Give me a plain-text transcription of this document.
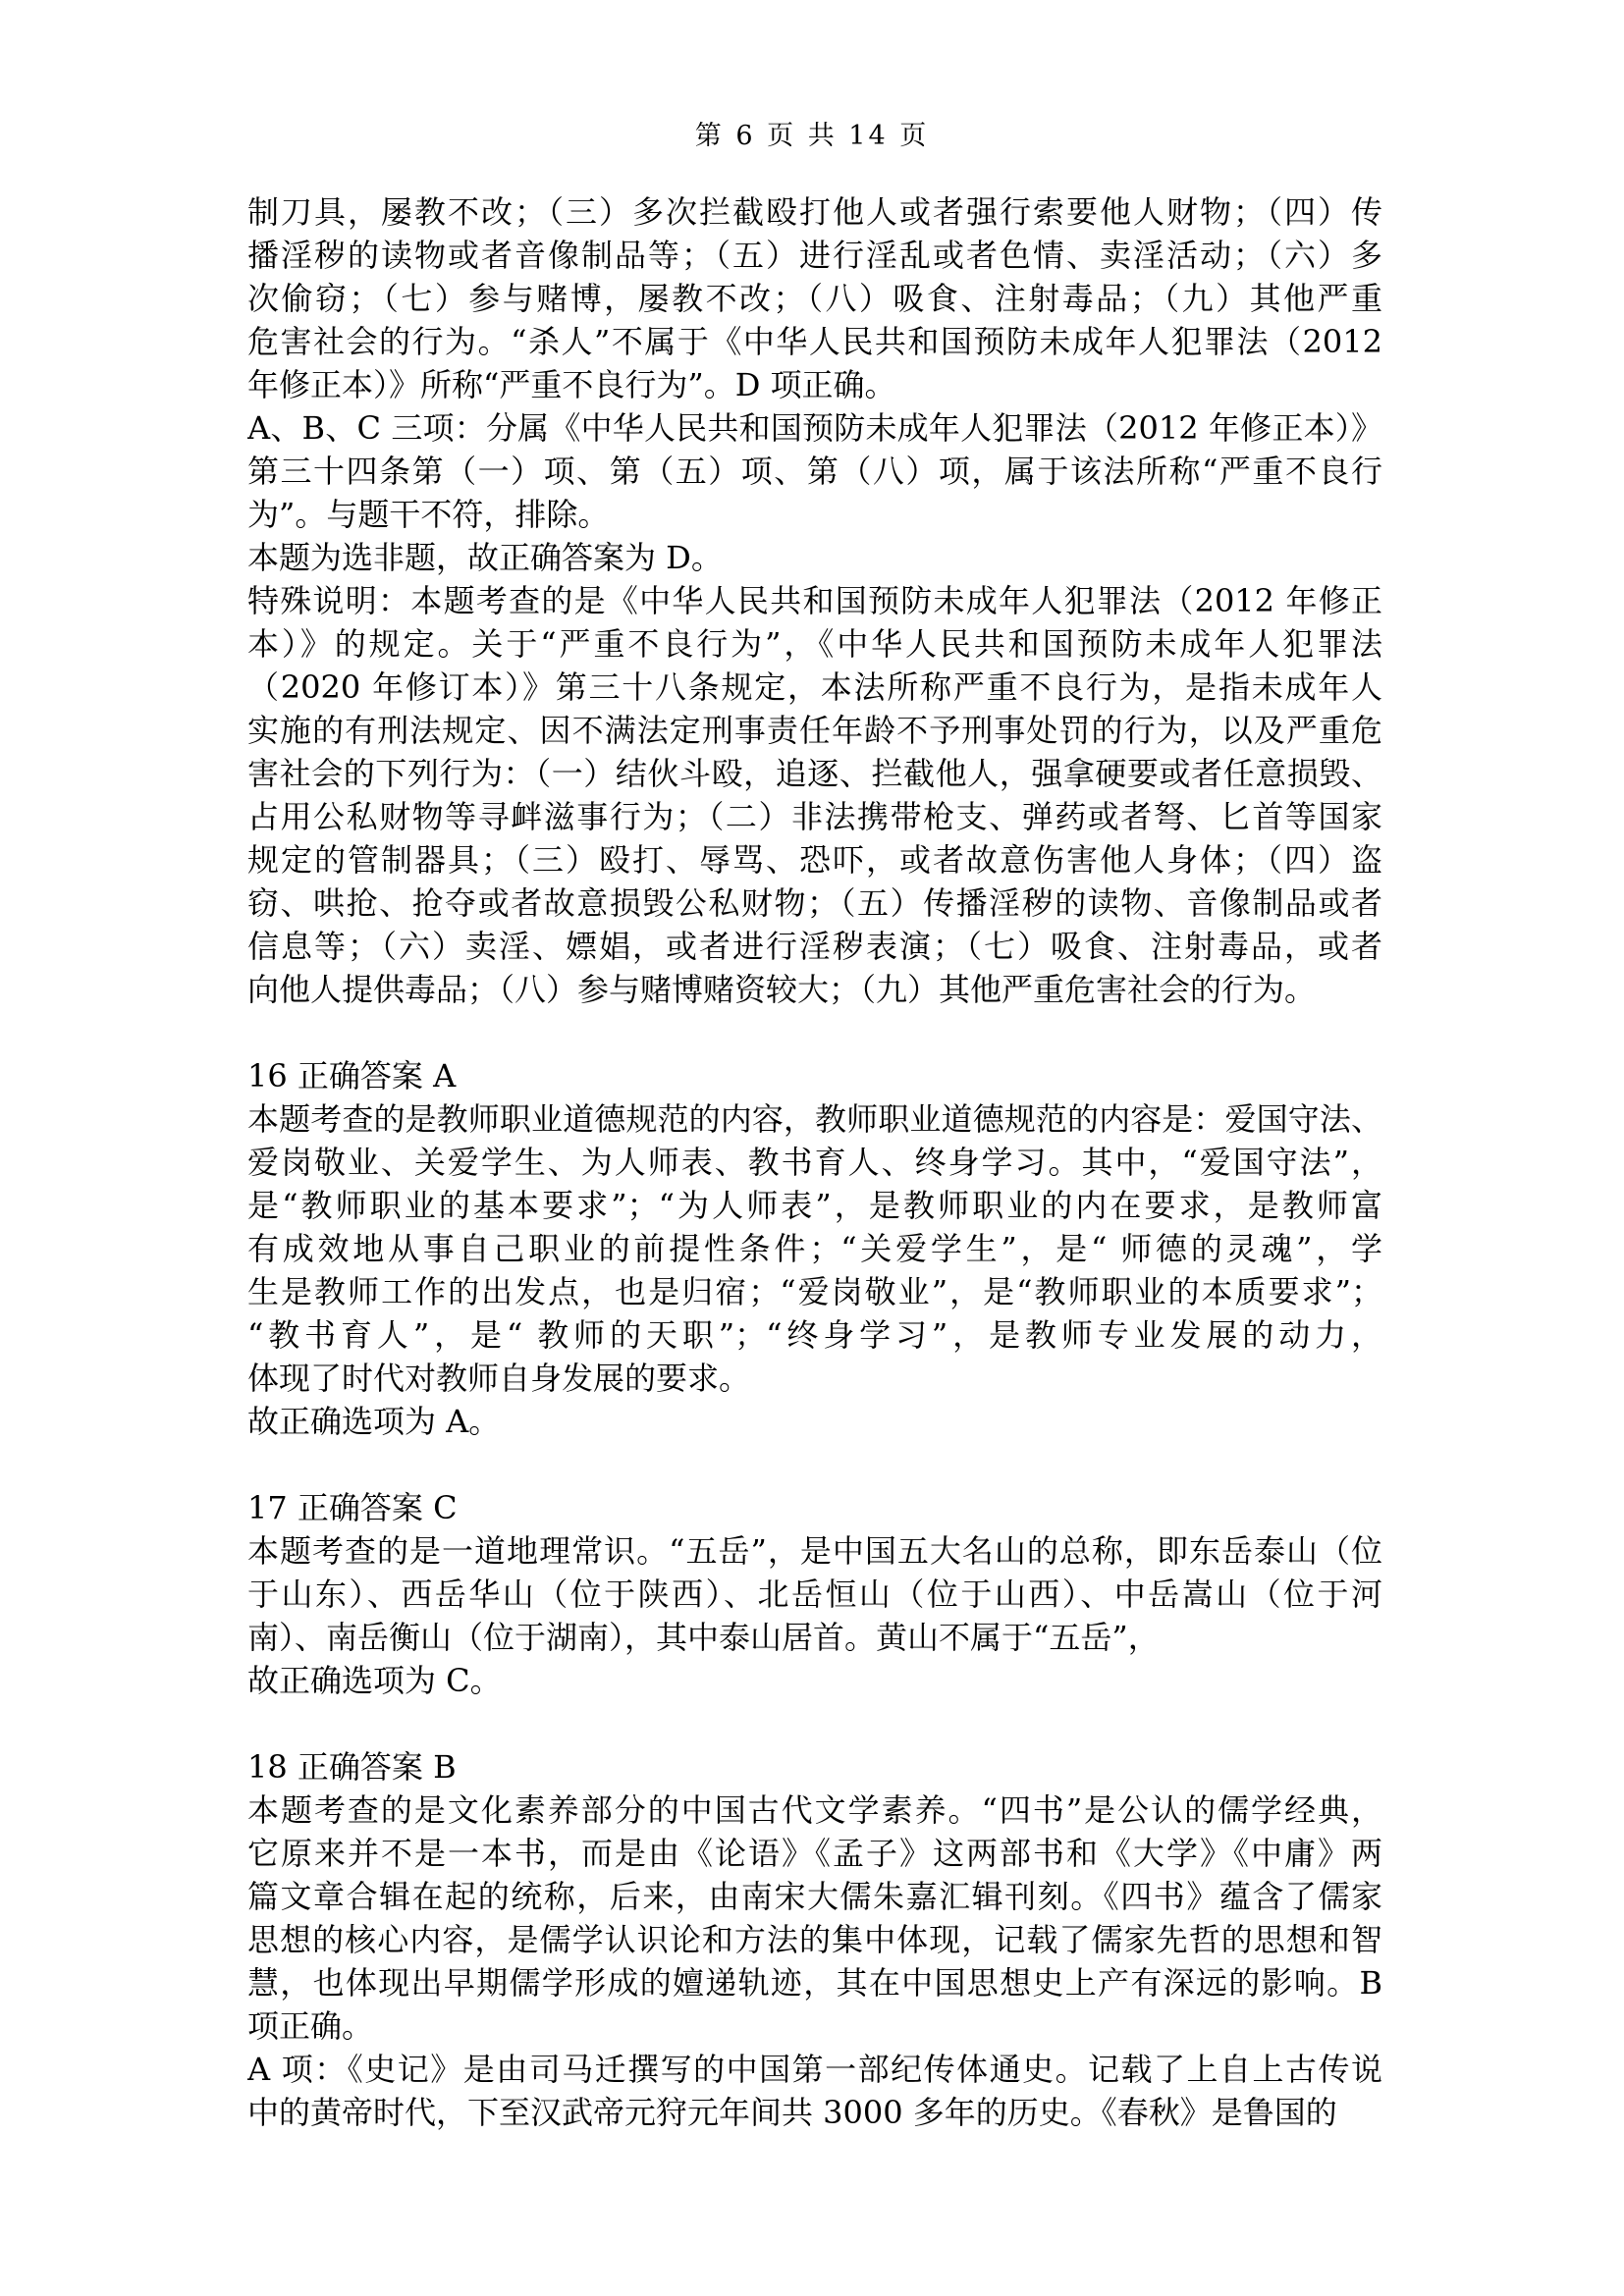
第 6 页 共 14 页
制刀具，屡教不改；（三）多次拦截殴打他人或者强行索要他人财物；（四）传
播淫秽的读物或者音像制品等；（五）进行淫乱或者色情、卖淫活动；（六）多
次偷窃；（七）参与赌博，屡教不改；（八）吸食、注射毒品；（九）其他严重
危害社会的行为。“杀人”不属于《中华人民共和国预防未成年人犯罪法（2012
年修正本）》所称“严重不良行为”。D 项正确。
A、B、C 三项：分属《中华人民共和国预防未成年人犯罪法（2012 年修正本）》
第三十四条第（一）项、第（五）项、第（八）项，属于该法所称“严重不良行
为”。与题干不符，排除。
本题为选非题，故正确答案为 D。
特殊说明：本题考查的是《中华人民共和国预防未成年人犯罪法（2012 年修正
本）》的规定。关于“严重不良行为”，《中华人民共和国预防未成年人犯罪法
（2020 年修订本）》第三十八条规定，本法所称严重不良行为，是指未成年人
实施的有刑法规定、因不满法定刑事责任年龄不予刑事处罚的行为，以及严重危
害社会的下列行为：（一）结伙斗殴，追逐、拦截他人，强拿硬要或者任意损毁、
占用公私财物等寻衅滋事行为；（二）非法携带枪支、弹药或者弩、匕首等国家
规定的管制器具；（三）殴打、辱骂、恐吓，或者故意伤害他人身体；（四）盗
窃、哄抢、抢夺或者故意损毁公私财物；（五）传播淫秽的读物、音像制品或者
信息等；（六）卖淫、嫖娼，或者进行淫秽表演；（七）吸食、注射毒品，或者
向他人提供毒品；（八）参与赌博赌资较大；（九）其他严重危害社会的行为。
16 正确答案 A
本题考查的是教师职业道德规范的内容，教师职业道德规范的内容是：爱国守法、
爱岗敬业、关爱学生、为人师表、教书育人、终身学习。其中，“爱国守法”，
是“教师职业的基本要求”；“为人师表”，是教师职业的内在要求，是教师富
有成效地从事自己职业的前提性条件；“关爱学生”，是“ 师德的灵魂”，学
生是教师工作的出发点，也是归宿；“爱岗敬业”，是“教师职业的本质要求”；
“教书育人”，是“ 教师的天职”；“终身学习”，是教师专业发展的动力，
体现了时代对教师自身发展的要求。
故正确选项为 A。
17 正确答案 C
本题考查的是一道地理常识。“五岳”，是中国五大名山的总称，即东岳泰山（位
于山东）、西岳华山（位于陕西）、北岳恒山（位于山西）、中岳嵩山（位于河
南）、南岳衡山（位于湖南），其中泰山居首。黄山不属于“五岳”，
故正确选项为 C。
18 正确答案 B
本题考查的是文化素养部分的中国古代文学素养。“四书”是公认的儒学经典，
它原来并不是一本书，而是由《论语》《孟子》这两部书和《大学》《中庸》两
篇文章合辑在起的统称，后来，由南宋大儒朱嘉汇辑刊刻。《四书》蕴含了儒家
思想的核心内容，是儒学认识论和方法的集中体现，记载了儒家先哲的思想和智
慧，也体现出早期儒学形成的嬗递轨迹，其在中国思想史上产有深远的影响。B
项正确。
A 项：《史记》是由司马迁撰写的中国第一部纪传体通史。记载了上自上古传说
中的黄帝时代，下至汉武帝元狩元年间共 3000 多年的历史。《春秋》是鲁国的
